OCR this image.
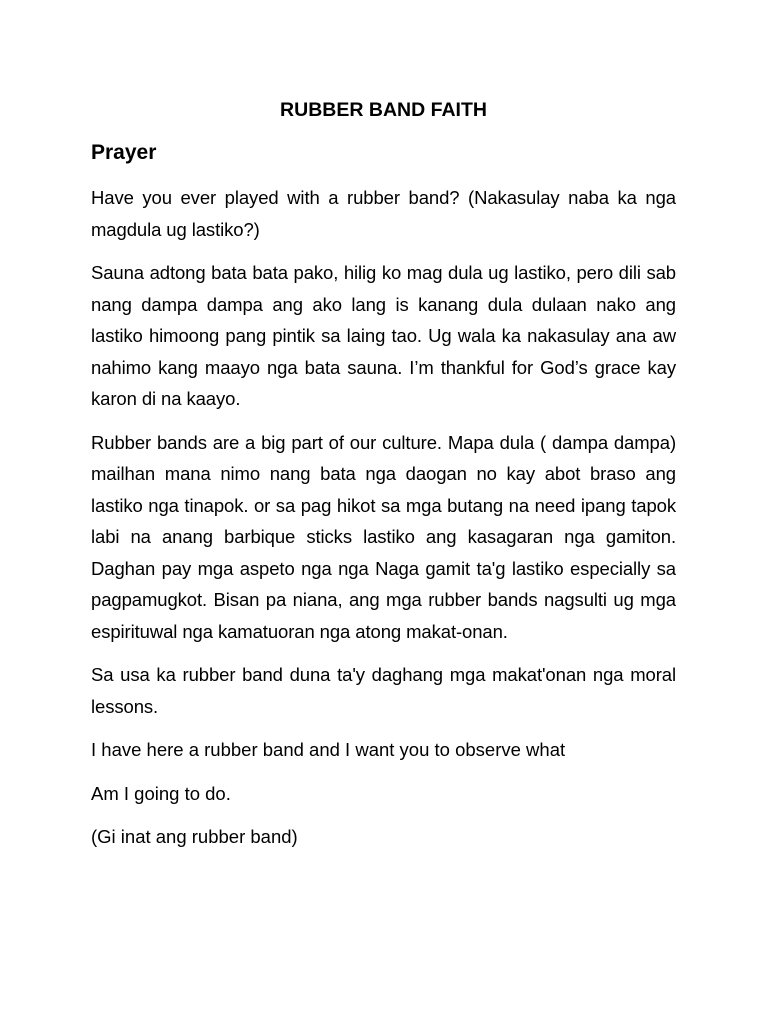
RUBBER BAND FAITH
Prayer

Have you ever played with a rubber band? (Nakasulay naba ka nga magdula ug lastiko?)

Sauna adtong bata bata pako, hilig ko mag dula ug lastiko, pero dili sab nang dampa dampa ang ako lang is kanang dula dulaan nako ang lastiko himoong pang pintik sa laing tao. Ug wala ka nakasulay ana aw nahimo kang maayo nga bata sauna. I’m thankful for God’s grace kay karon di na kaayo.

Rubber bands are a big part of our culture. Mapa dula ( dampa dampa) mailhan mana nimo nang bata nga daogan no kay abot braso ang lastiko nga tinapok. or sa pag hikot sa mga butang na need ipang tapok labi na anang barbique sticks lastiko ang kasagaran nga gamiton. Daghan pay mga aspeto nga nga Naga gamit ta'g lastiko especially sa pagpamugkot. Bisan pa niana, ang mga rubber bands nagsulti ug mga espirituwal nga kamatuoran nga atong makat-onan.

Sa usa ka rubber band duna ta'y daghang mga makat'onan nga moral lessons.

I have here a rubber band and I want you to observe what

Am I going to do.

(Gi inat ang rubber band)
